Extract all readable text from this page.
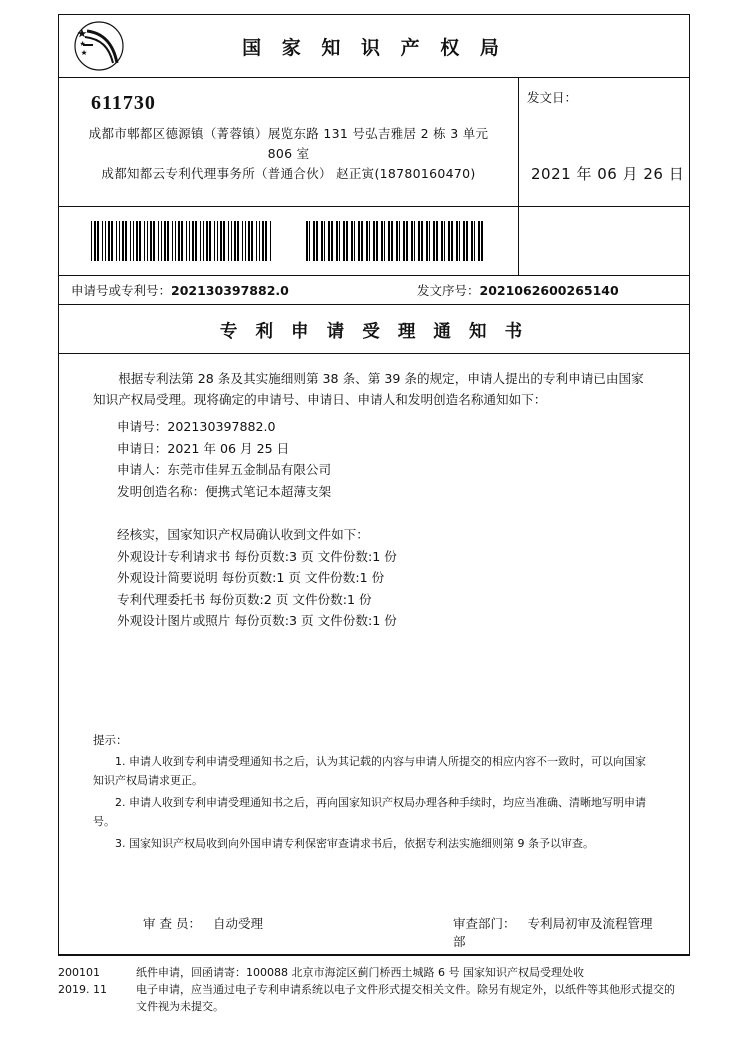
国 家 知 识 产 权 局
611730
成都市郫都区德源镇（菁蓉镇）展览东路 131 号弘吉雅居 2 栋 3 单元
806 室
成都知都云专利代理事务所（普通合伙） 赵正寅(18780160470)
发文日：
2021 年 06 月 26 日
申请号或专利号：202130397882.0	发文序号：2021062600265140
专 利 申 请 受 理 通 知 书

根据专利法第 28 条及其实施细则第 38 条、第 39 条的规定，申请人提出的专利申请已由国家知识产权局受理。现将确定的申请号、申请日、申请人和发明创造名称通知如下：

申请号：202130397882.0
申请日：2021 年 06 月 25 日
申请人：东莞市佳昇五金制品有限公司
发明创造名称：便携式笔记本超薄支架
经核实，国家知识产权局确认收到文件如下：
外观设计专利请求书 每份页数:3 页 文件份数:1 份
外观设计简要说明 每份页数:1 页 文件份数:1 份
专利代理委托书 每份页数:2 页 文件份数:1 份
外观设计图片或照片 每份页数:3 页 文件份数:1 份
提示：
1. 申请人收到专利申请受理通知书之后，认为其记载的内容与申请人所提交的相应内容不一致时，可以向国家知识产权局请求更正。
2. 申请人收到专利申请受理通知书之后，再向国家知识产权局办理各种手续时，均应当准确、清晰地写明申请号。
3. 国家知识产权局收到向外国申请专利保密审查请求书后，依据专利法实施细则第 9 条予以审查。
审 查 员： 自动受理	审查部门： 专利局初审及流程管理部
200101
2019. 11
纸件申请，回函请寄：100088 北京市海淀区蓟门桥西土城路 6 号 国家知识产权局受理处收
电子申请，应当通过电子专利申请系统以电子文件形式提交相关文件。除另有规定外，以纸件等其他形式提交的
文件视为未提交。
